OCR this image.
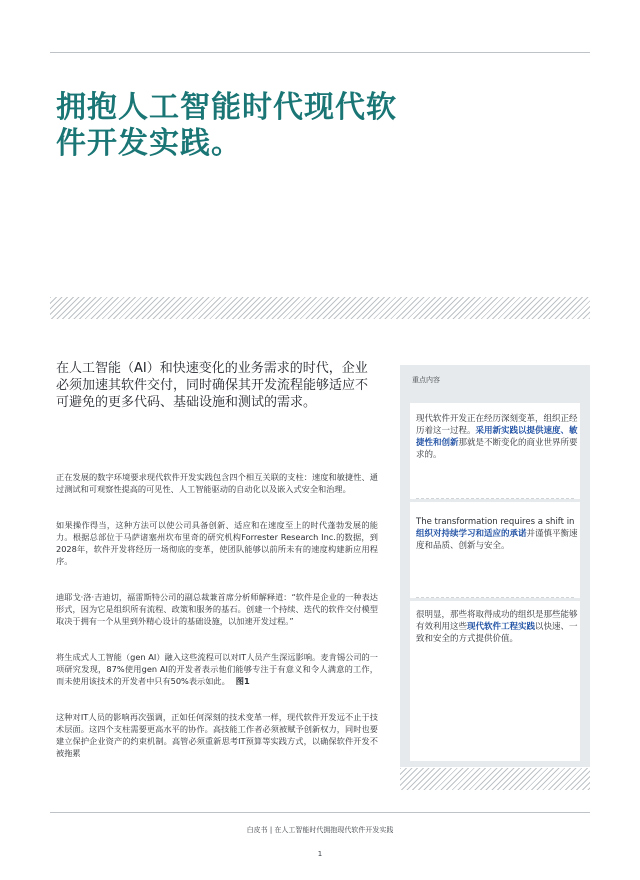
拥抱人工智能时代现代软件开发实践。

在人工智能（AI）和快速变化的业务需求的时代，企业必须加速其软件交付，同时确保其开发流程能够适应不可避免的更多代码、基础设施和测试的需求。

正在发展的数字环境要求现代软件开发实践包含四个相互关联的支柱：速度和敏捷性、通过测试和可观察性提高的可见性、人工智能驱动的自动化以及嵌入式安全和治理。

如果操作得当，这种方法可以使公司具备创新、适应和在速度至上的时代蓬勃发展的能力。根据总部位于马萨诸塞州坎布里奇的研究机构Forrester Research Inc.的数据，到2028年，软件开发将经历一场彻底的变革，使团队能够以前所未有的速度构建新应用程序。

迪耶戈·洛·吉迪切，福雷斯特公司的副总裁兼首席分析师解释道：“软件是企业的一种表达形式，因为它是组织所有流程、政策和服务的基石。创建一个持续、迭代的软件交付模型取决于拥有一个从里到外精心设计的基础设施，以加速开发过程。”

将生成式人工智能（gen AI）融入这些流程可以对IT人员产生深远影响。麦肯锡公司的一项研究发现，87%使用gen AI的开发者表示他们能够专注于有意义和令人满意的工作，而未使用该技术的开发者中只有50%表示如此。 图1

这种对IT人员的影响再次强调，正如任何深刻的技术变革一样，现代软件开发远不止于技术层面。这四个支柱需要更高水平的协作。高技能工作者必须被赋予创新权力，同时也要建立保护企业资产的约束机制。高管必须重新思考IT预算等实践方式，以确保软件开发不被拖累

重点内容

现代软件开发正在经历深刻变革，组织正经历着这一过程。采用新实践以提供速度、敏捷性和创新那就是不断变化的商业世界所要求的。

The transformation requires a shift in组织对持续学习和适应的承诺并谨慎平衡速度和品质、创新与安全。

很明显，那些将取得成功的组织是那些能够有效利用这些现代软件工程实践以快速、一致和安全的方式提供价值。

白皮书 | 在人工智能时代拥抱现代软件开发实践
1
